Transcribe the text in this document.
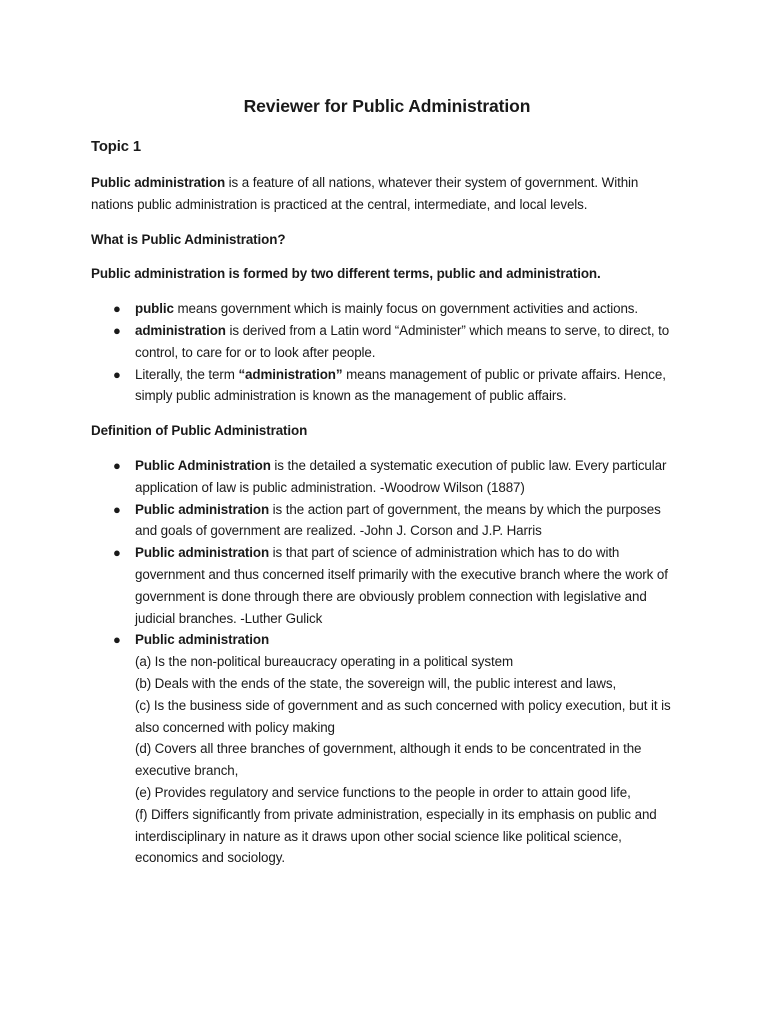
Reviewer for Public Administration
Topic 1

Public administration is a feature of all nations, whatever their system of government. Within nations public administration is practiced at the central, intermediate, and local levels.

What is Public Administration?

Public administration is formed by two different terms, public and administration.

● public means government which is mainly focus on government activities and actions.
● administration is derived from a Latin word “Administer” which means to serve, to direct, to control, to care for or to look after people.
● Literally, the term “administration” means management of public or private affairs. Hence, simply public administration is known as the management of public affairs.

Definition of Public Administration

● Public Administration is the detailed a systematic execution of public law. Every particular application of law is public administration. -Woodrow Wilson (1887)
● Public administration is the action part of government, the means by which the purposes and goals of government are realized. -John J. Corson and J.P. Harris
● Public administration is that part of science of administration which has to do with government and thus concerned itself primarily with the executive branch where the work of government is done through there are obviously problem connection with legislative and judicial branches. -Luther Gulick
● Public administration
(a) Is the non-political bureaucracy operating in a political system
(b) Deals with the ends of the state, the sovereign will, the public interest and laws,
(c) Is the business side of government and as such concerned with policy execution, but it is also concerned with policy making
(d) Covers all three branches of government, although it ends to be concentrated in the executive branch,
(e) Provides regulatory and service functions to the people in order to attain good life,
(f) Differs significantly from private administration, especially in its emphasis on public and interdisciplinary in nature as it draws upon other social science like political science, economics and sociology.
